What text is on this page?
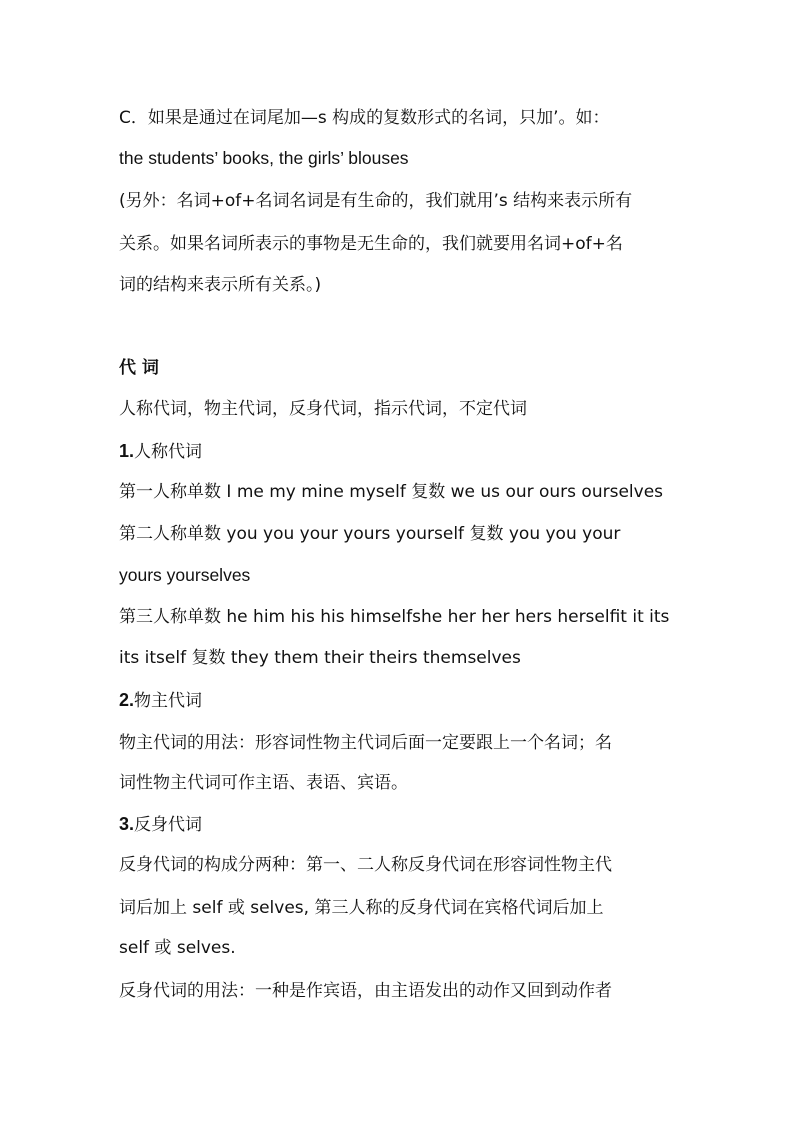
C．如果是通过在词尾加—s 构成的复数形式的名词，只加’。如：
the students’ books, the girls’ blouses
(另外：名词+of+名词名词是有生命的，我们就用’s 结构来表示所有
关系。如果名词所表示的事物是无生命的，我们就要用名词+of+名
词的结构来表示所有关系。)
代 词
人称代词，物主代词，反身代词，指示代词，不定代词
1.人称代词
第一人称单数 I me my mine myself 复数 we us our ours ourselves
第二人称单数 you you your yours yourself 复数 you you your
yours yourselves
第三人称单数 he him his his himselfshe her her hers herselfit it its
its itself 复数 they them their theirs themselves
2.物主代词
物主代词的用法：形容词性物主代词后面一定要跟上一个名词；名
词性物主代词可作主语、表语、宾语。
3.反身代词
反身代词的构成分两种：第一、二人称反身代词在形容词性物主代
词后加上 self 或 selves, 第三人称的反身代词在宾格代词后加上
self 或 selves.
反身代词的用法：一种是作宾语，由主语发出的动作又回到动作者
